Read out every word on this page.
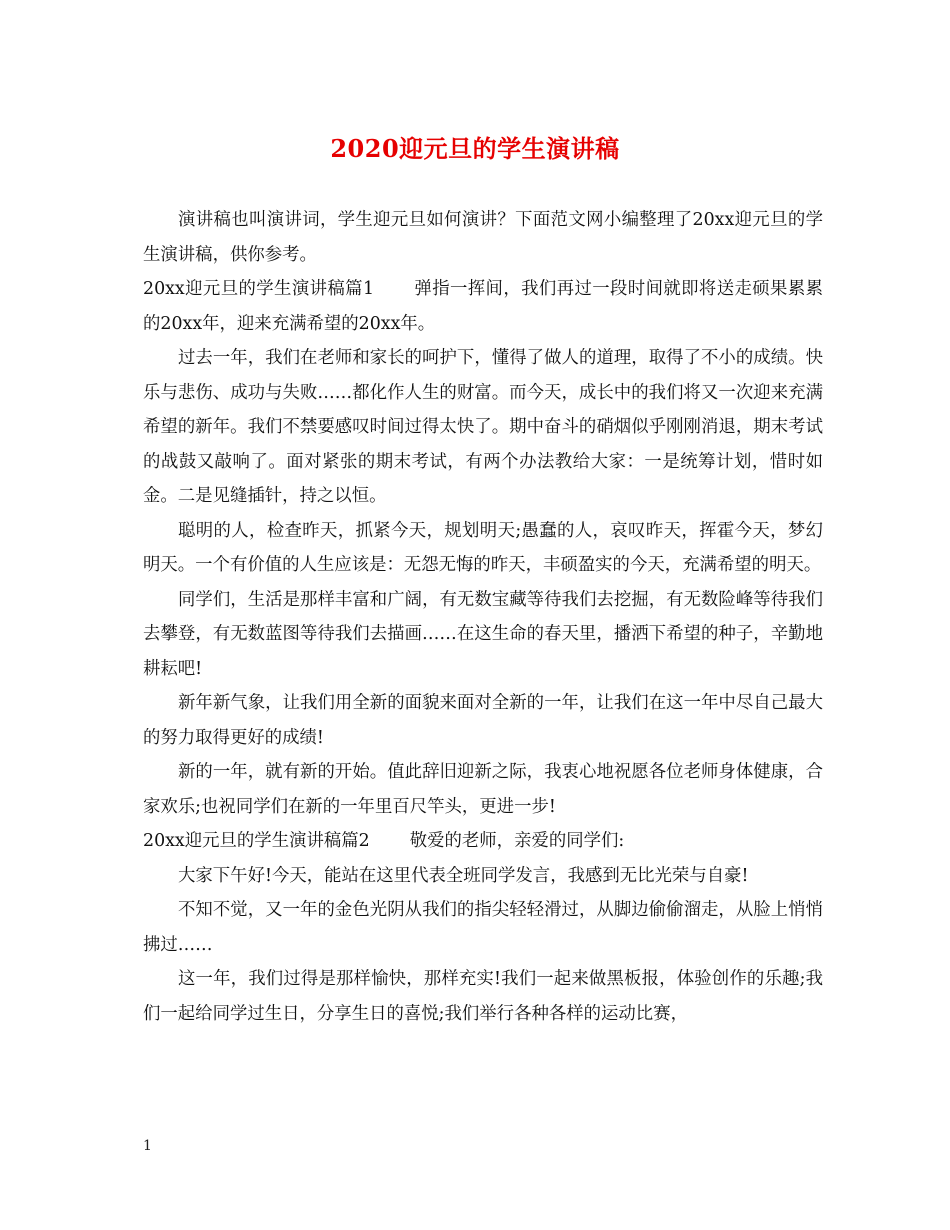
2020迎元旦的学生演讲稿

演讲稿也叫演讲词，学生迎元旦如何演讲？下面范文网小编整理了20xx迎元旦的学生演讲稿，供你参考。

20xx迎元旦的学生演讲稿篇1 弹指一挥间，我们再过一段时间就即将送走硕果累累的20xx年，迎来充满希望的20xx年。

过去一年，我们在老师和家长的呵护下，懂得了做人的道理，取得了不小的成绩。快乐与悲伤、成功与失败……都化作人生的财富。而今天，成长中的我们将又一次迎来充满希望的新年。我们不禁要感叹时间过得太快了。期中奋斗的硝烟似乎刚刚消退，期末考试的战鼓又敲响了。面对紧张的期末考试，有两个办法教给大家：一是统筹计划，惜时如金。二是见缝插针，持之以恒。

聪明的人，检查昨天，抓紧今天，规划明天;愚蠢的人，哀叹昨天，挥霍今天，梦幻明天。一个有价值的人生应该是：无怨无悔的昨天，丰硕盈实的今天，充满希望的明天。

同学们，生活是那样丰富和广阔，有无数宝藏等待我们去挖掘，有无数险峰等待我们去攀登，有无数蓝图等待我们去描画……在这生命的春天里，播洒下希望的种子，辛勤地耕耘吧!

新年新气象，让我们用全新的面貌来面对全新的一年，让我们在这一年中尽自己最大的努力取得更好的成绩!

新的一年，就有新的开始。值此辞旧迎新之际，我衷心地祝愿各位老师身体健康，合家欢乐;也祝同学们在新的一年里百尺竿头，更进一步!

20xx迎元旦的学生演讲稿篇2 敬爱的老师，亲爱的同学们:

大家下午好!今天，能站在这里代表全班同学发言，我感到无比光荣与自豪!

不知不觉，又一年的金色光阴从我们的指尖轻轻滑过，从脚边偷偷溜走，从脸上悄悄拂过……

这一年，我们过得是那样愉快，那样充实!我们一起来做黑板报，体验创作的乐趣;我们一起给同学过生日，分享生日的喜悦;我们举行各种各样的运动比赛，

1
